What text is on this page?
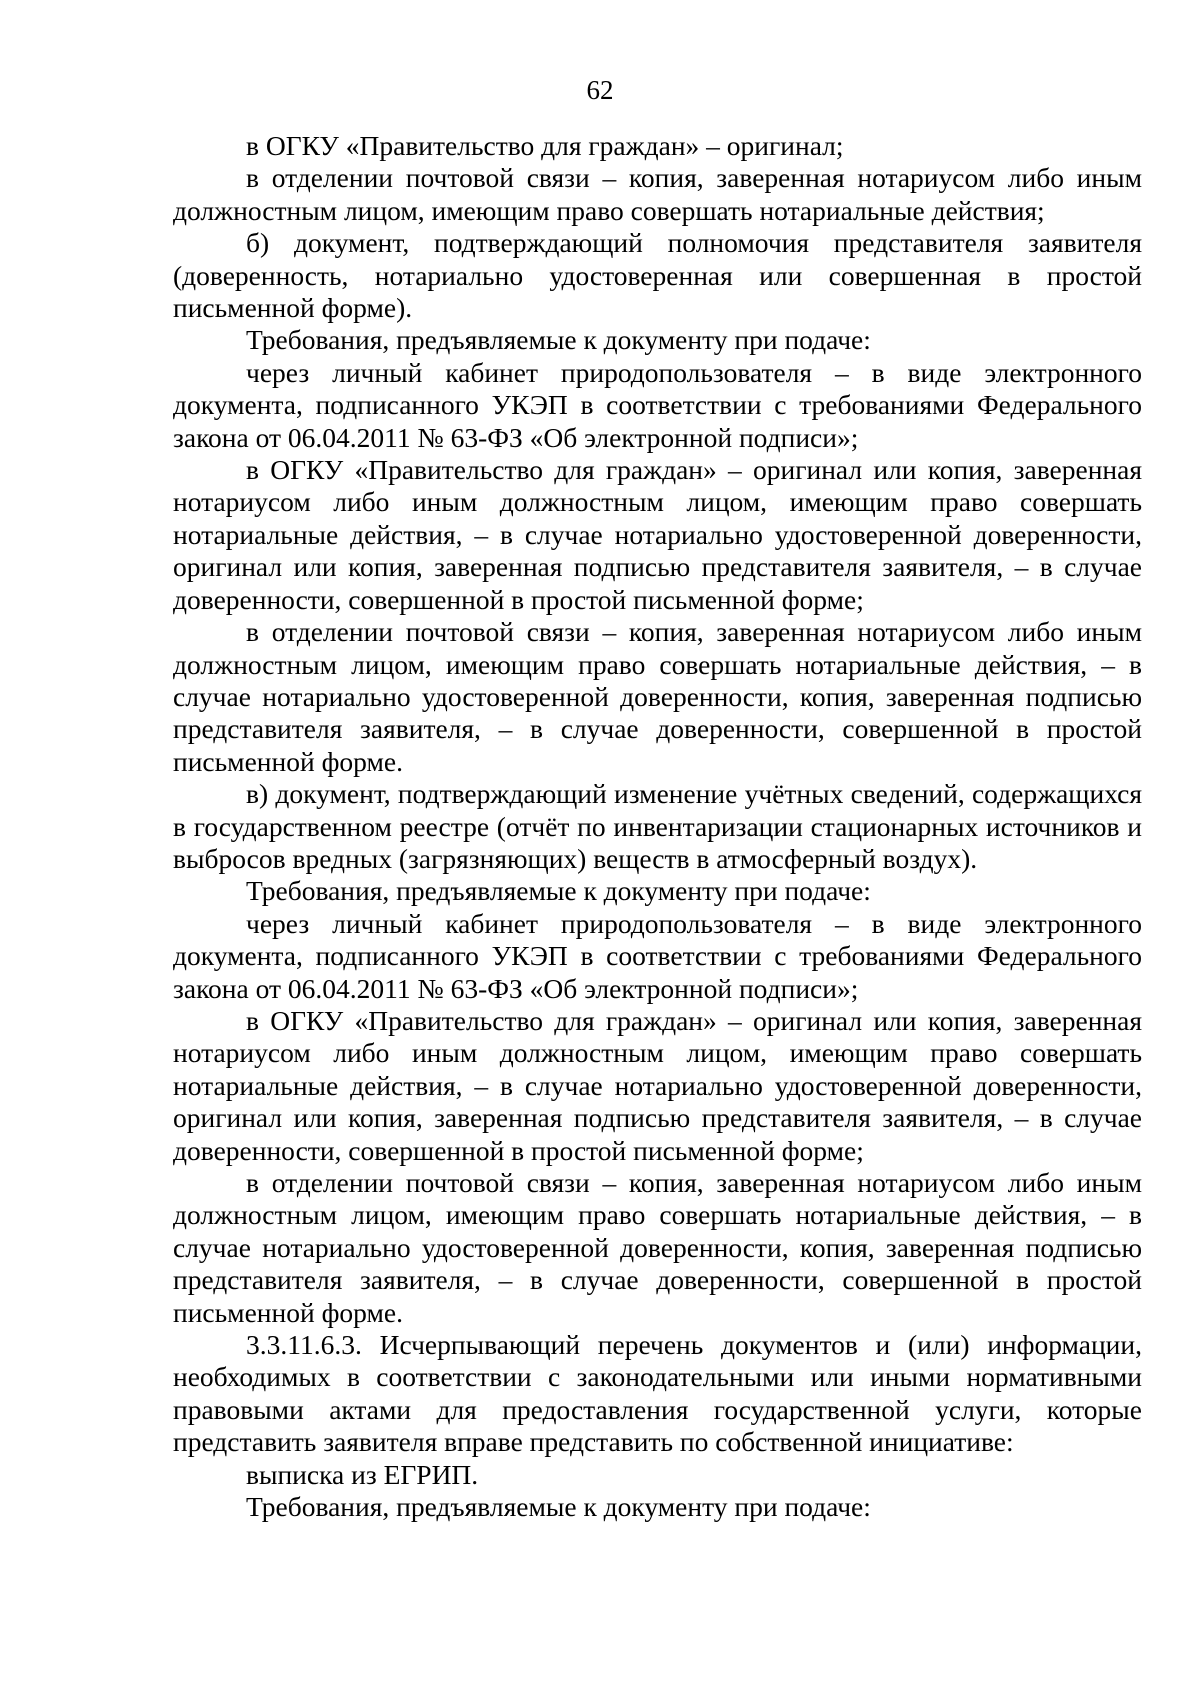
62

в ОГКУ «Правительство для граждан» – оригинал;

в отделении почтовой связи – копия, заверенная нотариусом либо иным должностным лицом, имеющим право совершать нотариальные действия;

б) документ, подтверждающий полномочия представителя заявителя (доверенность, нотариально удостоверенная или совершенная в простой письменной форме).

Требования, предъявляемые к документу при подаче:

через личный кабинет природопользователя – в виде электронного документа, подписанного УКЭП в соответствии с требованиями Федерального закона от 06.04.2011 № 63-ФЗ «Об электронной подписи»;

в ОГКУ «Правительство для граждан» – оригинал или копия, заверенная нотариусом либо иным должностным лицом, имеющим право совершать нотариальные действия, – в случае нотариально удостоверенной доверенности, оригинал или копия, заверенная подписью представителя заявителя, – в случае доверенности, совершенной в простой письменной форме;

в отделении почтовой связи – копия, заверенная нотариусом либо иным должностным лицом, имеющим право совершать нотариальные действия, – в случае нотариально удостоверенной доверенности, копия, заверенная подписью представителя заявителя, – в случае доверенности, совершенной в простой письменной форме.

в) документ, подтверждающий изменение учётных сведений, содержащихся в государственном реестре (отчёт по инвентаризации стационарных источников и выбросов вредных (загрязняющих) веществ в атмосферный воздух).

Требования, предъявляемые к документу при подаче:

через личный кабинет природопользователя – в виде электронного документа, подписанного УКЭП в соответствии с требованиями Федерального закона от 06.04.2011 № 63-ФЗ «Об электронной подписи»;

в ОГКУ «Правительство для граждан» – оригинал или копия, заверенная нотариусом либо иным должностным лицом, имеющим право совершать нотариальные действия, – в случае нотариально удостоверенной доверенности, оригинал или копия, заверенная подписью представителя заявителя, – в случае доверенности, совершенной в простой письменной форме;

в отделении почтовой связи – копия, заверенная нотариусом либо иным должностным лицом, имеющим право совершать нотариальные действия, – в случае нотариально удостоверенной доверенности, копия, заверенная подписью представителя заявителя, – в случае доверенности, совершенной в простой письменной форме.

3.3.11.6.3. Исчерпывающий перечень документов и (или) информации, необходимых в соответствии с законодательными или иными нормативными правовыми актами для предоставления государственной услуги, которые представить заявителя вправе представить по собственной инициативе:

выписка из ЕГРИП.

Требования, предъявляемые к документу при подаче:
